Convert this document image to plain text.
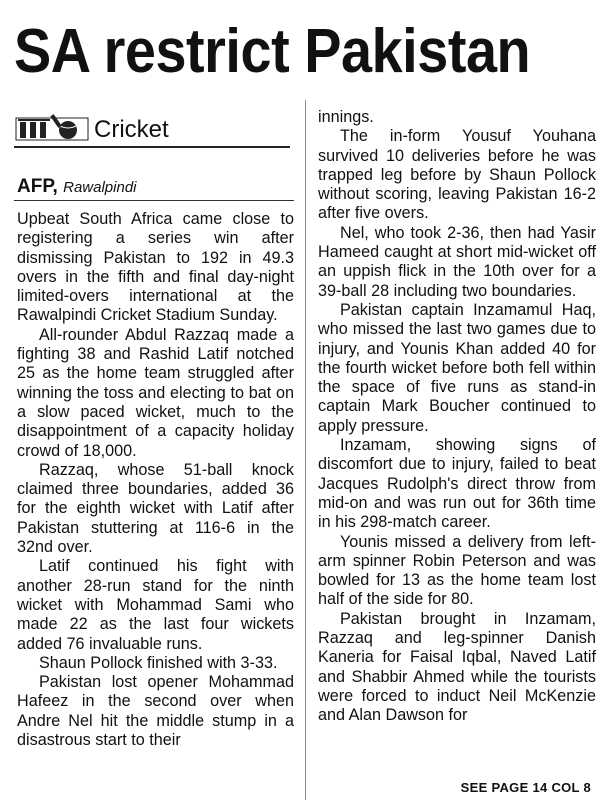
SA restrict Pakistan
Cricket
AFP, Rawalpindi

Upbeat South Africa came close to registering a series win after dismissing Pakistan to 192 in 49.3 overs in the fifth and final day-night limited-overs international at the Rawalpindi Cricket Stadium Sunday.

All-rounder Abdul Razzaq made a fighting 38 and Rashid Latif notched 25 as the home team struggled after winning the toss and electing to bat on a slow paced wicket, much to the disappointment of a capacity holiday crowd of 18,000.

Razzaq, whose 51-ball knock claimed three boundaries, added 36 for the eighth wicket with Latif after Pakistan stuttering at 116-6 in the 32nd over.

Latif continued his fight with another 28-run stand for the ninth wicket with Mohammad Sami who made 22 as the last four wickets added 76 invaluable runs.

Shaun Pollock finished with 3-33.

Pakistan lost opener Mohammad Hafeez in the second over when Andre Nel hit the middle stump in a disastrous start to their

innings.

The in-form Yousuf Youhana survived 10 deliveries before he was trapped leg before by Shaun Pollock without scoring, leaving Pakistan 16-2 after five overs.

Nel, who took 2-36, then had Yasir Hameed caught at short mid-wicket off an uppish flick in the 10th over for a 39-ball 28 including two boundaries.

Pakistan captain Inzamamul Haq, who missed the last two games due to injury, and Younis Khan added 40 for the fourth wicket before both fell within the space of five runs as stand-in captain Mark Boucher continued to apply pressure.

Inzamam, showing signs of discomfort due to injury, failed to beat Jacques Rudolph's direct throw from mid-on and was run out for 36th time in his 298-match career.

Younis missed a delivery from left-arm spinner Robin Peterson and was bowled for 13 as the home team lost half of the side for 80.

Pakistan brought in Inzamam, Razzaq and leg-spinner Danish Kaneria for Faisal Iqbal, Naved Latif and Shabbir Ahmed while the tourists were forced to induct Neil McKenzie and Alan Dawson for

SEE PAGE 14 COL 8
